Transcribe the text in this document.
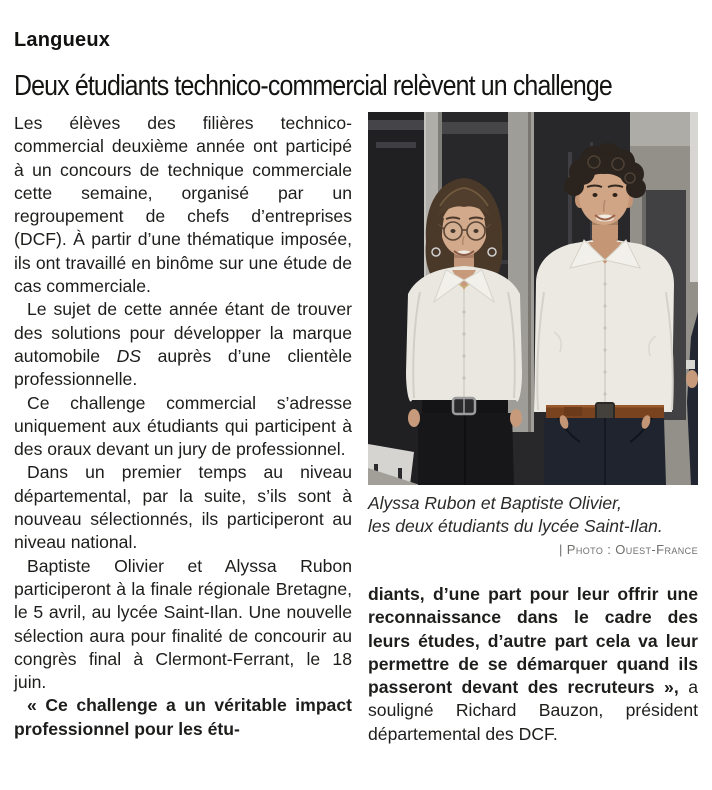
Langueux
Deux étudiants technico-commercial relèvent un challenge

Les élèves des filières technico-commercial deuxième année ont participé à un concours de technique commerciale cette semaine, organisé par un regroupement de chefs d’entreprises (DCF). À partir d’une thématique imposée, ils ont travaillé en binôme sur une étude de cas commerciale.

Le sujet de cette année étant de trouver des solutions pour développer la marque automobile DS auprès d’une clientèle professionnelle.

Ce challenge commercial s’adresse uniquement aux étudiants qui participent à des oraux devant un jury de professionnel.

Dans un premier temps au niveau départemental, par la suite, s’ils sont à nouveau sélectionnés, ils participeront au niveau national.

Baptiste Olivier et Alyssa Rubon participeront à la finale régionale Bretagne, le 5 avril, au lycée Saint-Ilan. Une nouvelle sélection aura pour finalité de concourir au congrès final à Clermont-Ferrant, le 18 juin.

« Ce challenge a un véritable impact professionnel pour les étu-

Alyssa Rubon et Baptiste Olivier,
les deux étudiants du lycée Saint-Ilan.
| Photo : Ouest-France

diants, d’une part pour leur offrir une reconnaissance dans le cadre des leurs études, d’autre part cela va leur permettre de se démarquer quand ils passeront devant des recruteurs », a souligné Richard Bauzon, président départemental des DCF.
